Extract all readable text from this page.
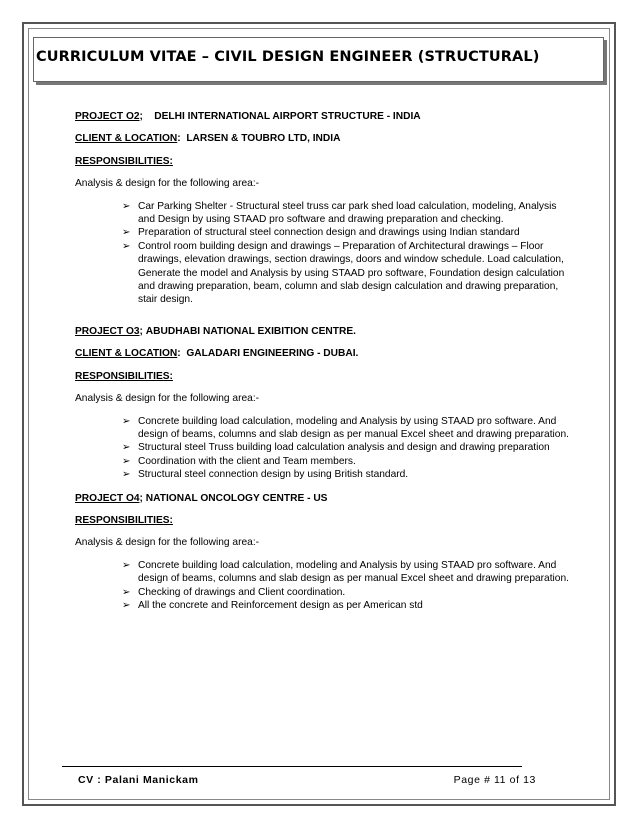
CURRICULUM VITAE – CIVIL DESIGN ENGINEER (STRUCTURAL)
PROJECT O2; DELHI INTERNATIONAL AIRPORT STRUCTURE - INDIA
CLIENT & LOCATION: LARSEN & TOUBRO LTD, INDIA
RESPONSIBILITIES:
Analysis & design for the following area:-
➢ Car Parking Shelter - Structural steel truss car park shed load calculation, modeling, Analysis
and Design by using STAAD pro software and drawing preparation and checking.
➢ Preparation of structural steel connection design and drawings using Indian standard
➢ Control room building design and drawings – Preparation of Architectural drawings – Floor
drawings, elevation drawings, section drawings, doors and window schedule. Load calculation,
Generate the model and Analysis by using STAAD pro software, Foundation design calculation
and drawing preparation, beam, column and slab design calculation and drawing preparation,
stair design.
PROJECT O3; ABUDHABI NATIONAL EXIBITION CENTRE.
CLIENT & LOCATION: GALADARI ENGINEERING - DUBAI.
RESPONSIBILITIES:
Analysis & design for the following area:-
➢ Concrete building load calculation, modeling and Analysis by using STAAD pro software. And
design of beams, columns and slab design as per manual Excel sheet and drawing preparation.
➢ Structural steel Truss building load calculation analysis and design and drawing preparation
➢ Coordination with the client and Team members.
➢ Structural steel connection design by using British standard.
PROJECT O4; NATIONAL ONCOLOGY CENTRE - US
RESPONSIBILITIES:
Analysis & design for the following area:-
➢ Concrete building load calculation, modeling and Analysis by using STAAD pro software. And
design of beams, columns and slab design as per manual Excel sheet and drawing preparation.
➢ Checking of drawings and Client coordination.
➢ All the concrete and Reinforcement design as per American std
CV : Palani Manickam	Page # 11 of 13
